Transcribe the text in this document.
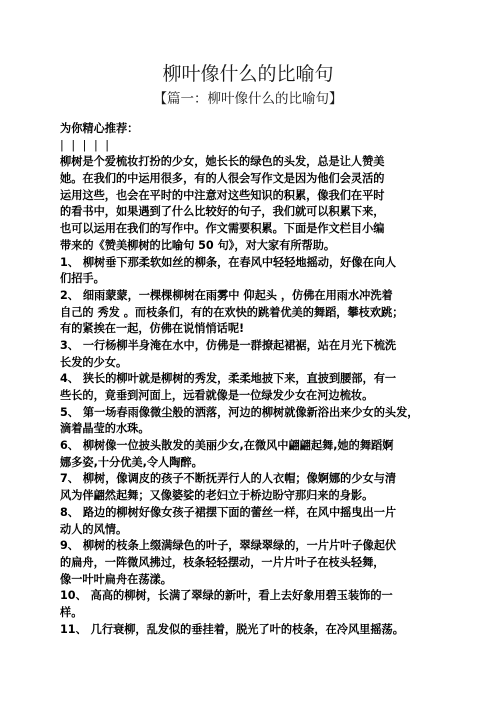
柳叶像什么的比喻句
【篇一：柳叶像什么的比喻句】
为你精心推荐：
| | | | |
柳树是个爱梳妆打扮的少女，她长长的绿色的头发，总是让人赞美
她。在我们的中运用很多，有的人很会写作文是因为他们会灵活的
运用这些，也会在平时的中注意对这些知识的积累，像我们在平时
的看书中，如果遇到了什么比较好的句子，我们就可以积累下来，
也可以运用在我们的写作中。作文需要积累。下面是作文栏目小编
带来的《赞美柳树的比喻句 50 句》，对大家有所帮助。
1、 柳树垂下那柔软如丝的柳条，在春风中轻轻地摇动，好像在向人
们招手。
2、 细雨蒙蒙，一棵棵柳树在雨雾中 仰起头 ，仿佛在用雨水冲洗着
自己的 秀发 。而枝条们，有的在欢快的跳着优美的舞蹈，攀枝欢跳；
有的紧挨在一起，仿佛在说悄悄话呢!
3、 一行杨柳半身淹在水中，仿佛是一群撩起裙裾，站在月光下梳洗
长发的少女。
4、 狭长的柳叶就是柳树的秀发，柔柔地披下来，直披到腰部，有一
些长的，竟垂到河面上，远看就像是一位绿发少女在河边梳妆。
5、 第一场春雨像微尘般的洒落，河边的柳树就像新浴出来少女的头发，
滴着晶莹的水珠。
6、 柳树像一位披头散发的美丽少女,在微风中翩翩起舞,她的舞蹈婀
娜多姿,十分优美,令人陶醉。
7、 柳树，像调皮的孩子不断抚弄行人的人衣帽；像婀娜的少女与清
风为伴翩然起舞；又像婆娑的老妇立于桥边盼守那归来的身影。
8、 路边的柳树好像女孩子裙摆下面的蕾丝一样，在风中摇曳出一片
动人的风情。
9、 柳树的枝条上缀满绿色的叶子，翠绿翠绿的，一片片叶子像起伏
的扁舟，一阵微风拂过，枝条轻轻摆动，一片片叶子在枝头轻舞，
像一叶叶扁舟在荡漾。
10、 高高的柳树，长满了翠绿的新叶，看上去好象用碧玉装饰的一
样。
11、 几行衰柳，乱发似的垂挂着，脱光了叶的枝条，在冷风里摇荡。
